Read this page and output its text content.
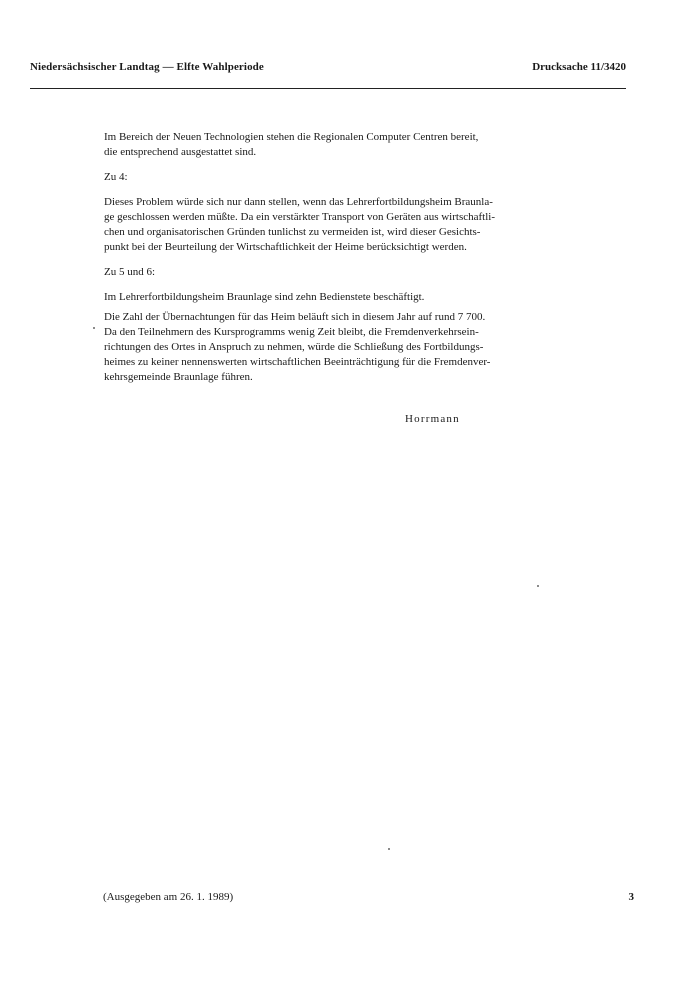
Niedersächsischer Landtag — Elfte Wahlperiode	Drucksache 11/3420

Im Bereich der Neuen Technologien stehen die Regionalen Computer Centren bereit,
die entsprechend ausgestattet sind.

Zu 4:

Dieses Problem würde sich nur dann stellen, wenn das Lehrerfortbildungsheim Braunla-
ge geschlossen werden müßte. Da ein verstärkter Transport von Geräten aus wirtschaftli-
chen und organisatorischen Gründen tunlichst zu vermeiden ist, wird dieser Gesichts-
punkt bei der Beurteilung der Wirtschaftlichkeit der Heime berücksichtigt werden.

Zu 5 und 6:

Im Lehrerfortbildungsheim Braunlage sind zehn Bedienstete beschäftigt.

Die Zahl der Übernachtungen für das Heim beläuft sich in diesem Jahr auf rund 7 700.
Da den Teilnehmern des Kursprogramms wenig Zeit bleibt, die Fremdenverkehrsein-
richtungen des Ortes in Anspruch zu nehmen, würde die Schließung des Fortbildungs-
heimes zu keiner nennenswerten wirtschaftlichen Beeinträchtigung für die Fremdenver-
kehrsgemeinde Braunlage führen.

Horrmann
(Ausgegeben am 26. 1. 1989)	3
